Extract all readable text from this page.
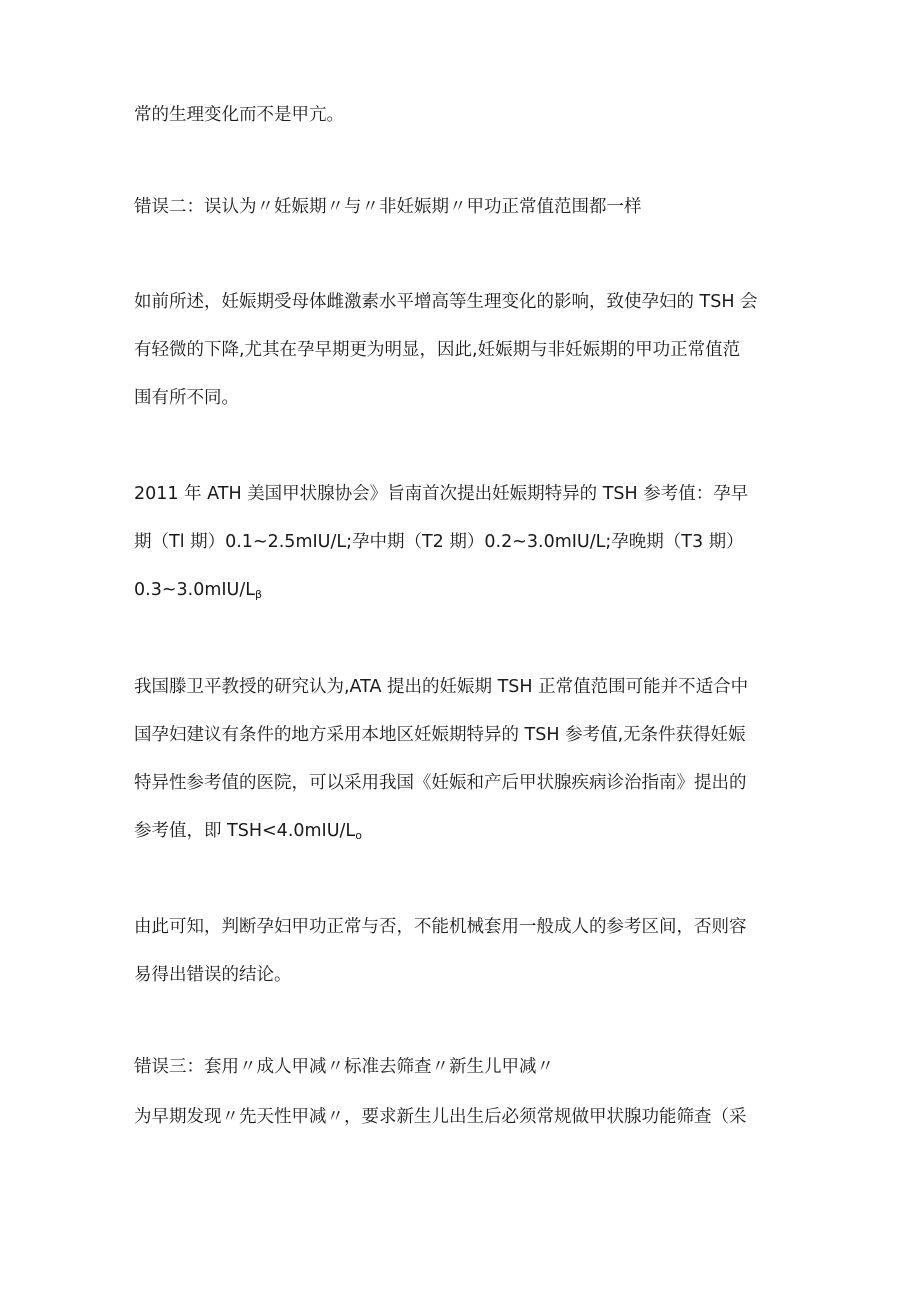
常的生理变化而不是甲亢。

错误二：误认为〃妊娠期〃与〃非妊娠期〃甲功正常值范围都一样

如前所述，妊娠期受母体雌激素水平增高等生理变化的影响，致使孕妇的 TSH 会
有轻微的下降,尤其在孕早期更为明显，因此,妊娠期与非妊娠期的甲功正常值范
围有所不同。

2011 年 ATH 美国甲状腺协会》旨南首次提出妊娠期特异的 TSH 参考值：孕早
期（Tl 期）0.1~2.5mIU/L;孕中期（T2 期）0.2~3.0mIU/L;孕晚期（T3 期）
$0.3\sim 3.0mIU/L_\beta$

我国滕卫平教授的研究认为,ATA 提出的妊娠期 TSH 正常值范围可能并不适合中
国孕妇建议有条件的地方采用本地区妊娠期特异的 TSH 参考值,无条件获得妊娠
特异性参考值的医院，可以采用我国《妊娠和产后甲状腺疾病诊治指南》提出的
参考值，即 $TSH<4.0mIU/L_o$

由此可知，判断孕妇甲功正常与否，不能机械套用一般成人的参考区间，否则容
易得出错误的结论。

错误三：套用〃成人甲减〃标准去筛查〃新生儿甲减〃

为早期发现〃先天性甲减〃，要求新生儿出生后必须常规做甲状腺功能筛查（采
